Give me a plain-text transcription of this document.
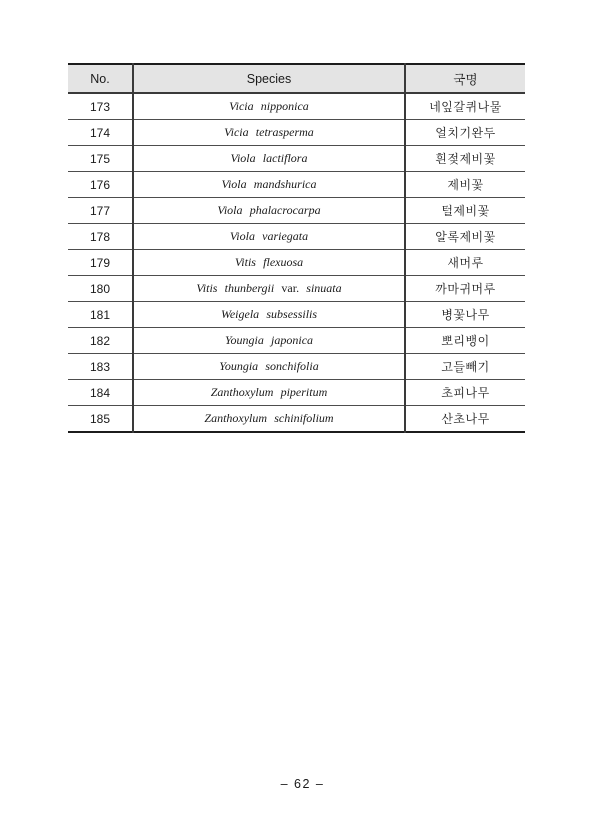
No.	Species	국명
173	Vicia nipponica	네잎갈퀴나물
174	Vicia tetrasperma	얼치기완두
175	Viola lactiflora	흰젖제비꽃
176	Viola mandshurica	제비꽃
177	Viola phalacrocarpa	털제비꽃
178	Viola variegata	알록제비꽃
179	Vitis flexuosa	새머루
180	Vitis thunbergii var. sinuata	까마귀머루
181	Weigela subsessilis	병꽃나무
182	Youngia japonica	뽀리뱅이
183	Youngia sonchifolia	고들빼기
184	Zanthoxylum piperitum	초피나무
185	Zanthoxylum schinifolium	산초나무
– 62 –
